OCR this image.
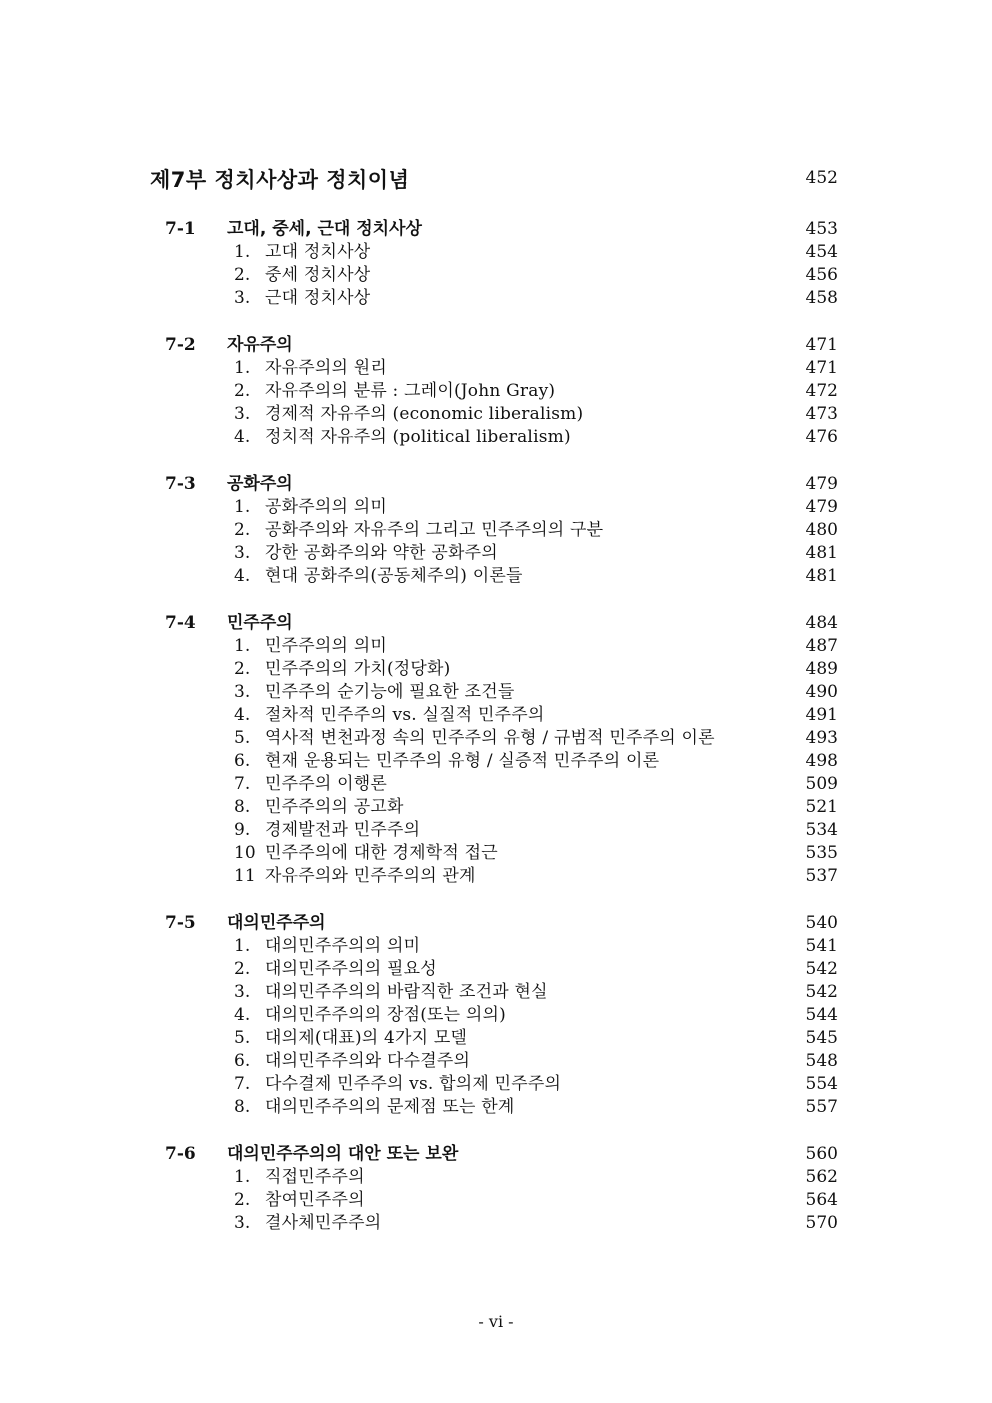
제7부 정치사상과 정치이념	452
7-1 고대, 중세, 근대 정치사상	453
1. 고대 정치사상	454
2. 중세 정치사상	456
3. 근대 정치사상	458
7-2 자유주의	471
1. 자유주의의 원리	471
2. 자유주의의 분류 : 그레이(John Gray)	472
3. 경제적 자유주의 (economic liberalism)	473
4. 정치적 자유주의 (political liberalism)	476
7-3 공화주의	479
1. 공화주의의 의미	479
2. 공화주의와 자유주의 그리고 민주주의의 구분	480
3. 강한 공화주의와 약한 공화주의	481
4. 현대 공화주의(공동체주의) 이론들	481
7-4 민주주의	484
1. 민주주의의 의미	487
2. 민주주의의 가치(정당화)	489
3. 민주주의 순기능에 필요한 조건들	490
4. 절차적 민주주의 vs. 실질적 민주주의	491
5. 역사적 변천과정 속의 민주주의 유형 / 규범적 민주주의 이론	493
6. 현재 운용되는 민주주의 유형 / 실증적 민주주의 이론	498
7. 민주주의 이행론	509
8. 민주주의의 공고화	521
9. 경제발전과 민주주의	534
10 민주주의에 대한 경제학적 접근	535
11 자유주의와 민주주의의 관계	537
7-5 대의민주주의	540
1. 대의민주주의의 의미	541
2. 대의민주주의의 필요성	542
3. 대의민주주의의 바람직한 조건과 현실	542
4. 대의민주주의의 장점(또는 의의)	544
5. 대의제(대표)의 4가지 모델	545
6. 대의민주주의와 다수결주의	548
7. 다수결제 민주주의 vs. 합의제 민주주의	554
8. 대의민주주의의 문제점 또는 한계	557
7-6 대의민주주의의 대안 또는 보완	560
1. 직접민주주의	562
2. 참여민주주의	564
3. 결사체민주주의	570
- vi -
